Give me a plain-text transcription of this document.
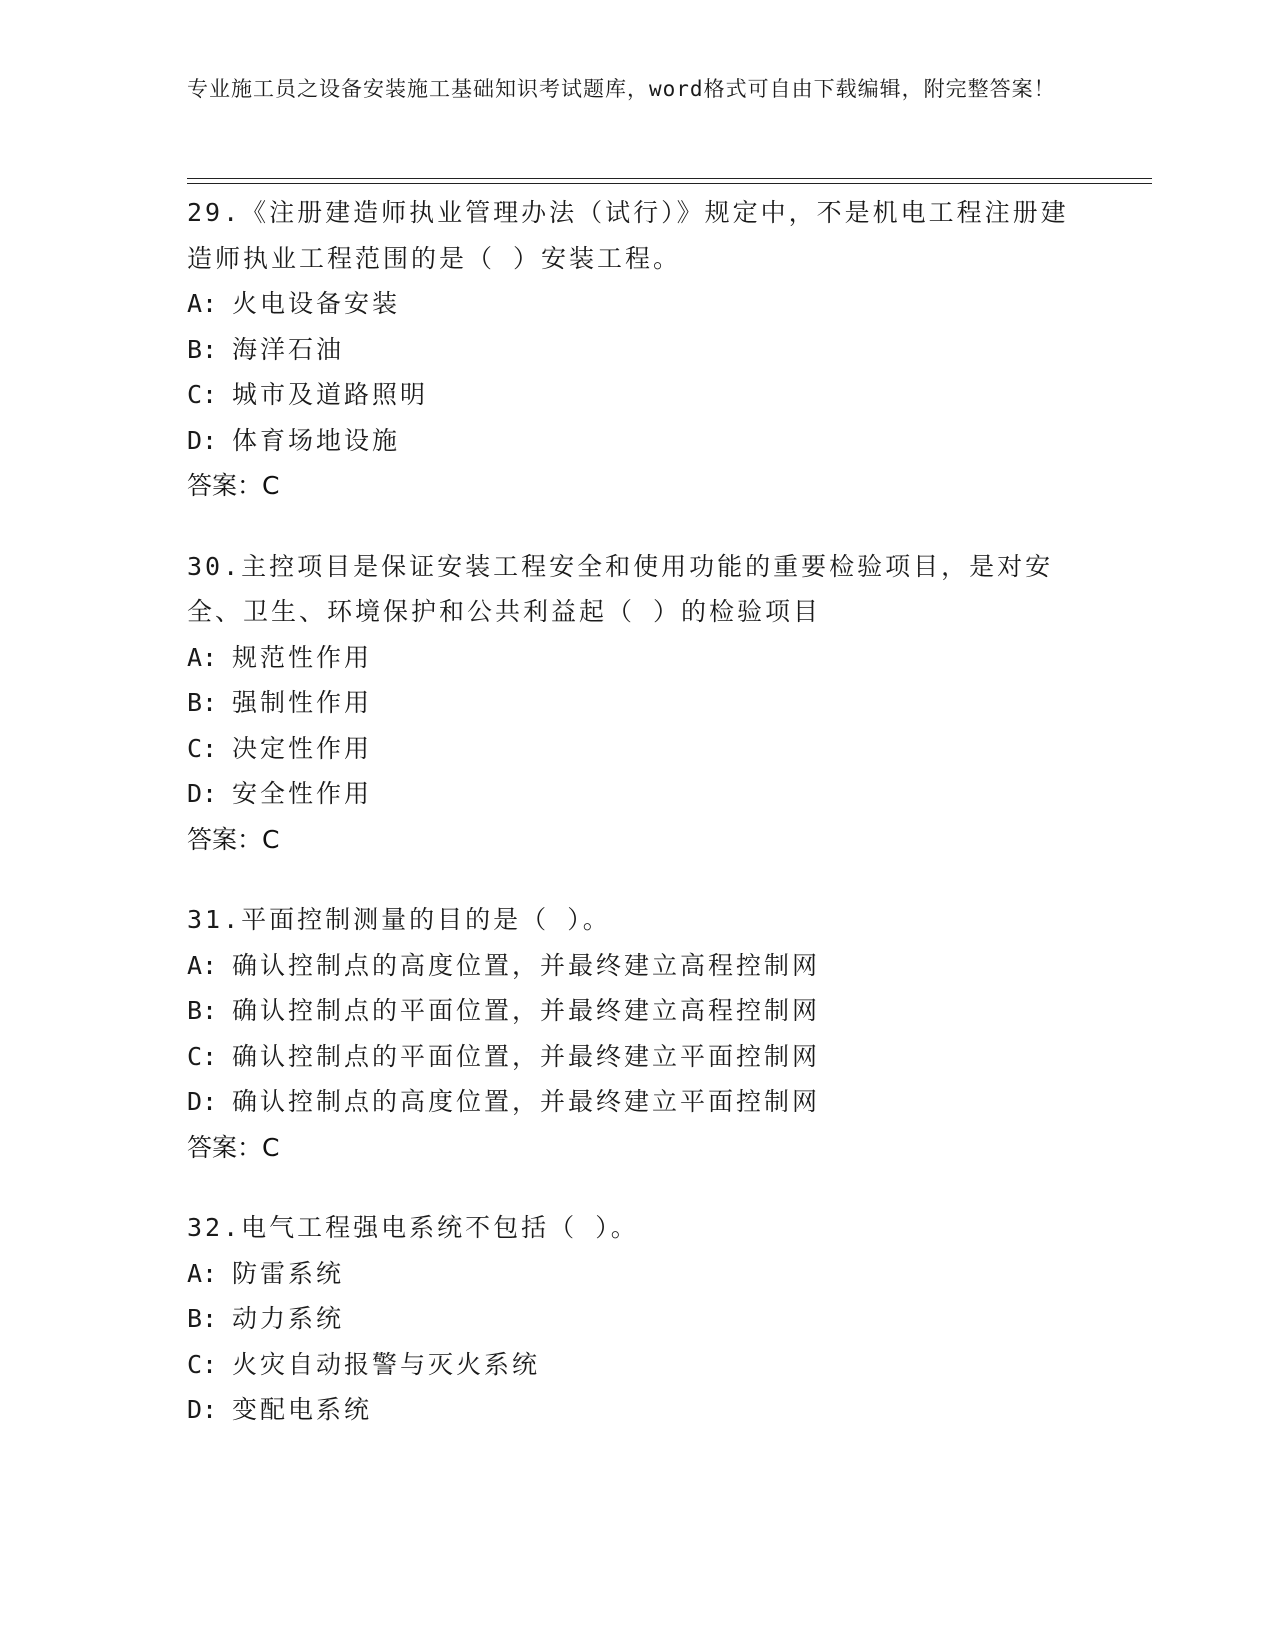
专业施工员之设备安装施工基础知识考试题库，word格式可自由下载编辑，附完整答案！
29.《注册建造师执业管理办法（试行）》规定中，不是机电工程注册建造师执业工程范围的是（ ）安装工程。
A: 火电设备安装
B: 海洋石油
C: 城市及道路照明
D: 体育场地设施
答案：C
30.主控项目是保证安装工程安全和使用功能的重要检验项目，是对安全、卫生、环境保护和公共利益起（ ）的检验项目
A: 规范性作用
B: 强制性作用
C: 决定性作用
D: 安全性作用
答案：C
31.平面控制测量的目的是（ ）。
A: 确认控制点的高度位置，并最终建立高程控制网
B: 确认控制点的平面位置，并最终建立高程控制网
C: 确认控制点的平面位置，并最终建立平面控制网
D: 确认控制点的高度位置，并最终建立平面控制网
答案：C
32.电气工程强电系统不包括（ ）。
A: 防雷系统
B: 动力系统
C: 火灾自动报警与灭火系统
D: 变配电系统
